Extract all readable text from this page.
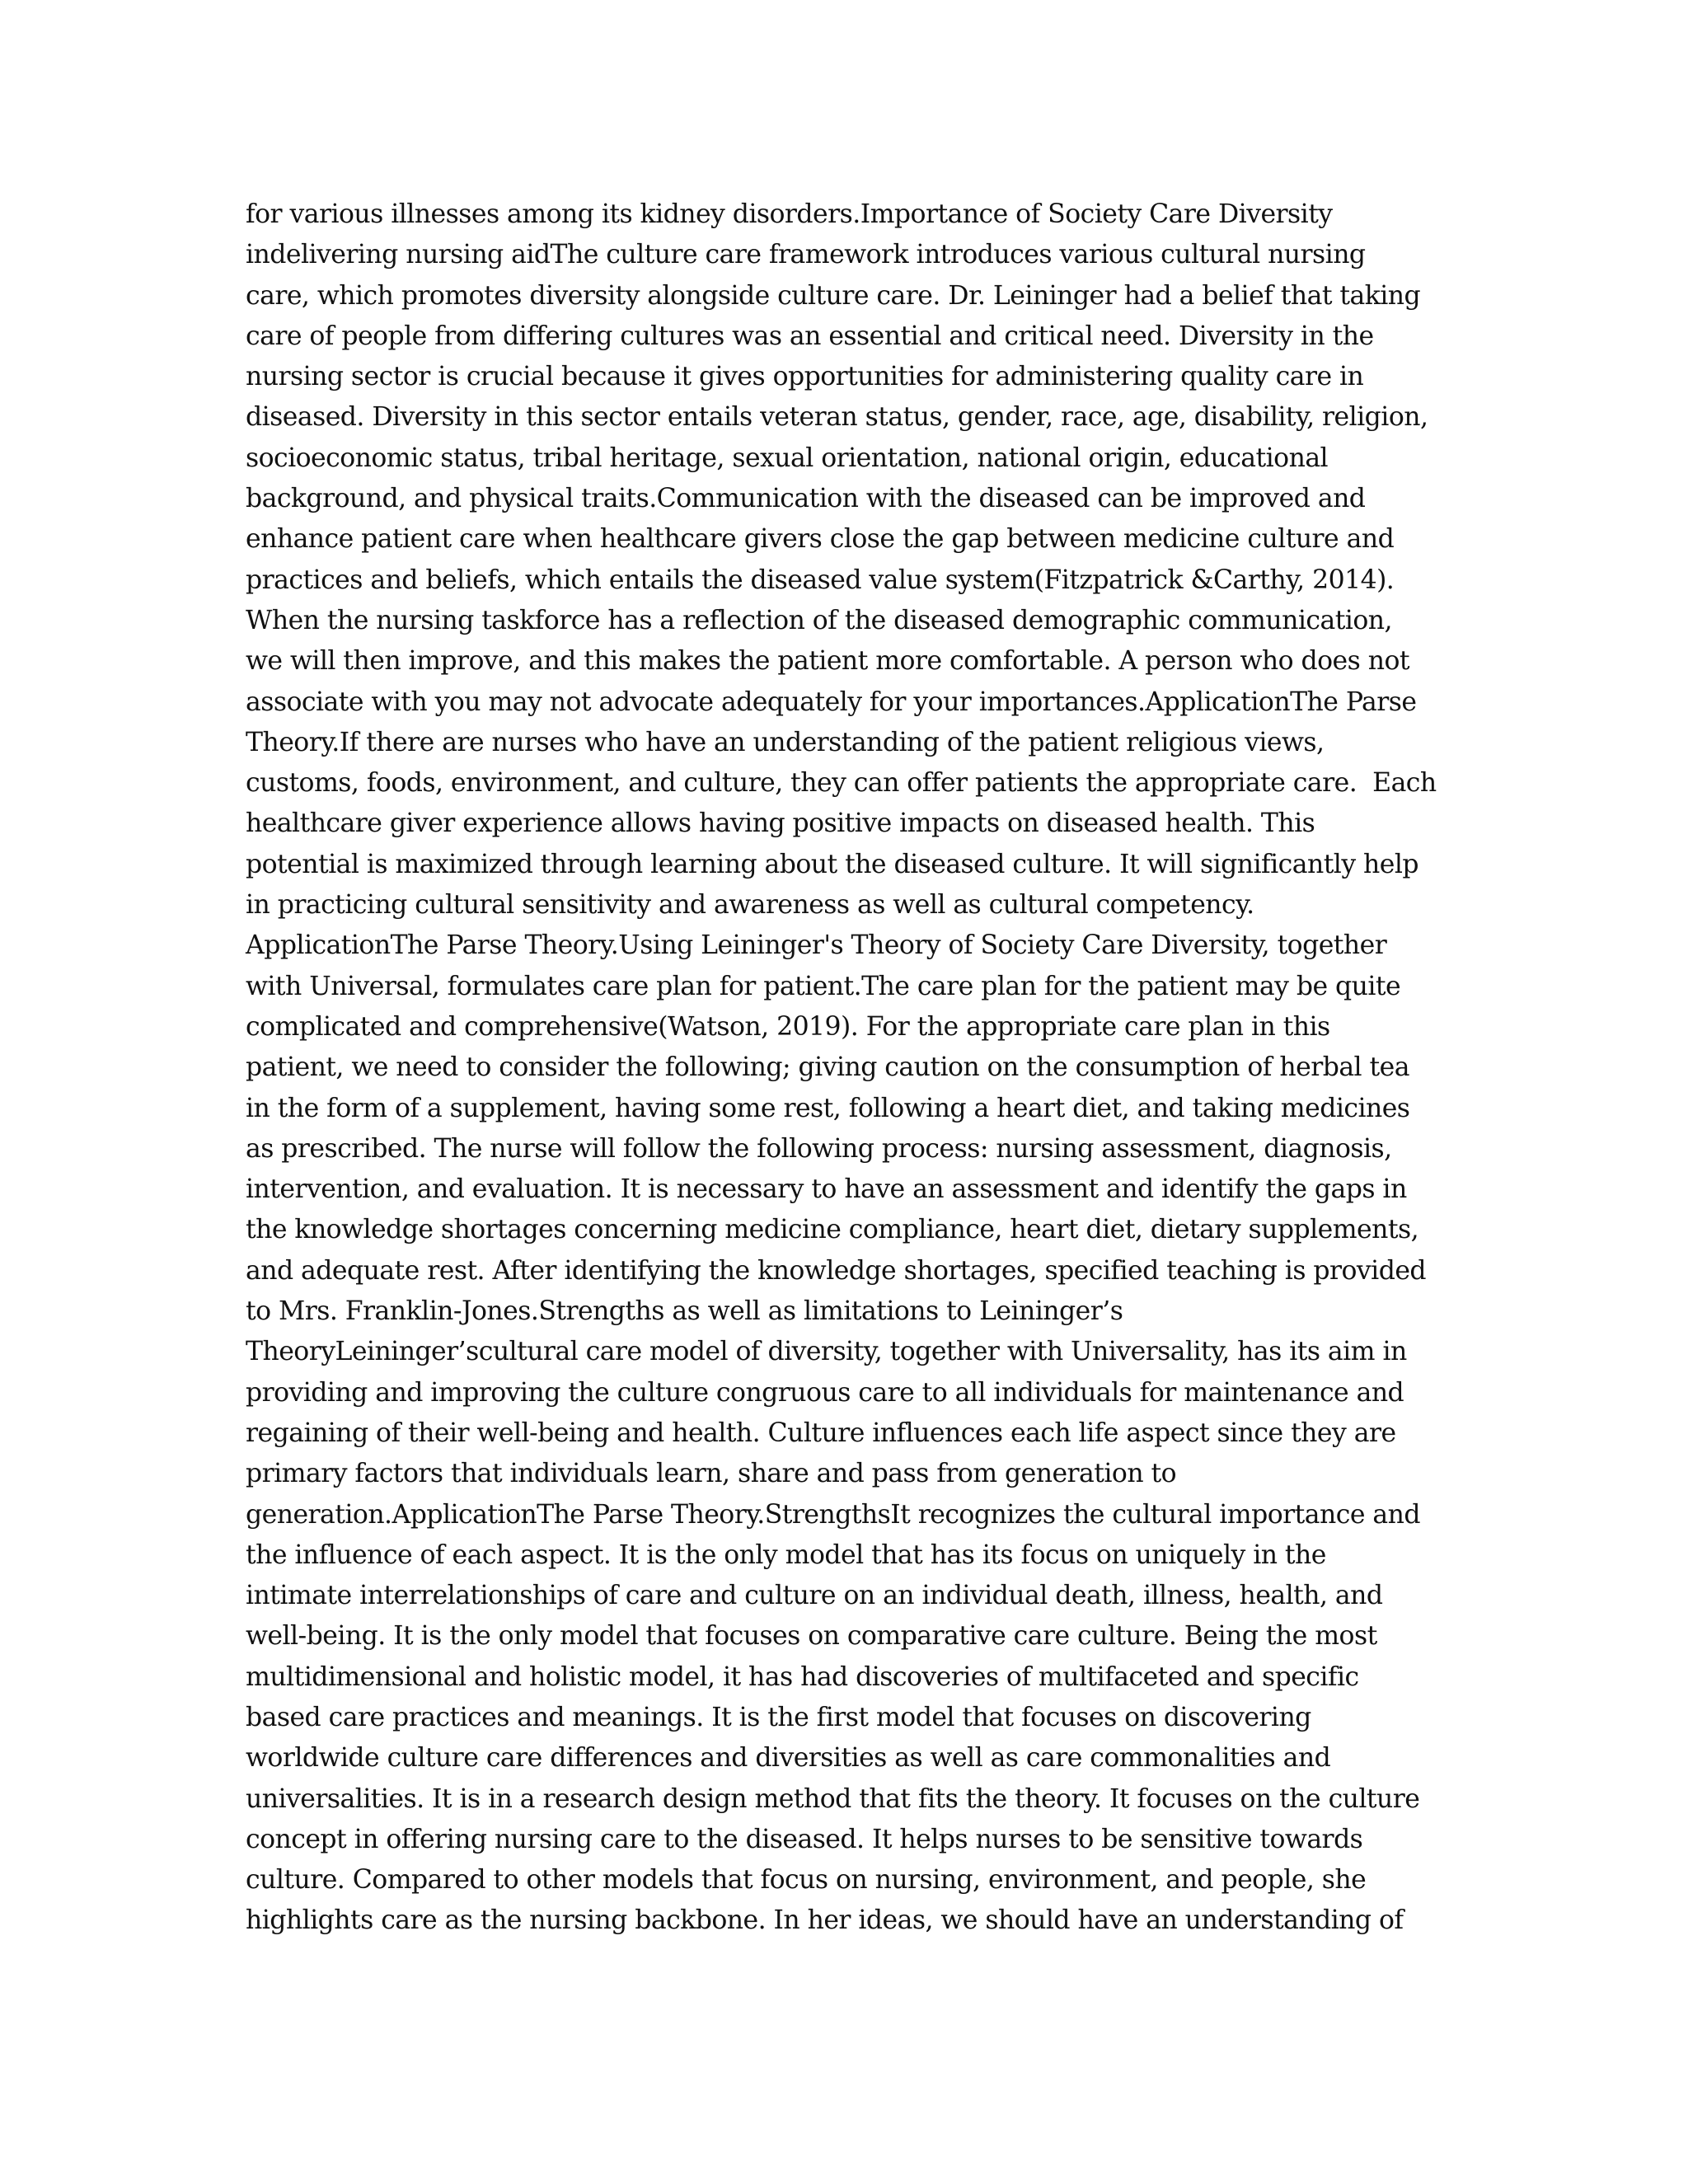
for various illnesses among its kidney disorders.Importance of Society Care Diversity
indelivering nursing aidThe culture care framework introduces various cultural nursing
care, which promotes diversity alongside culture care. Dr. Leininger had a belief that taking
care of people from differing cultures was an essential and critical need. Diversity in the
nursing sector is crucial because it gives opportunities for administering quality care in
diseased. Diversity in this sector entails veteran status, gender, race, age, disability, religion,
socioeconomic status, tribal heritage, sexual orientation, national origin, educational
background, and physical traits.Communication with the diseased can be improved and
enhance patient care when healthcare givers close the gap between medicine culture and
practices and beliefs, which entails the diseased value system(Fitzpatrick &Carthy, 2014).
When the nursing taskforce has a reflection of the diseased demographic communication,
we will then improve, and this makes the patient more comfortable. A person who does not
associate with you may not advocate adequately for your importances.ApplicationThe Parse
Theory.If there are nurses who have an understanding of the patient religious views,
customs, foods, environment, and culture, they can offer patients the appropriate care.  Each
healthcare giver experience allows having positive impacts on diseased health. This
potential is maximized through learning about the diseased culture. It will significantly help
in practicing cultural sensitivity and awareness as well as cultural competency.
ApplicationThe Parse Theory.Using Leininger's Theory of Society Care Diversity, together
with Universal, formulates care plan for patient.The care plan for the patient may be quite
complicated and comprehensive(Watson, 2019). For the appropriate care plan in this
patient, we need to consider the following; giving caution on the consumption of herbal tea
in the form of a supplement, having some rest, following a heart diet, and taking medicines
as prescribed. The nurse will follow the following process: nursing assessment, diagnosis,
intervention, and evaluation. It is necessary to have an assessment and identify the gaps in
the knowledge shortages concerning medicine compliance, heart diet, dietary supplements,
and adequate rest. After identifying the knowledge shortages, specified teaching is provided
to Mrs. Franklin-Jones.Strengths as well as limitations to Leininger’s
TheoryLeininger’scultural care model of diversity, together with Universality, has its aim in
providing and improving the culture congruous care to all individuals for maintenance and
regaining of their well-being and health. Culture influences each life aspect since they are
primary factors that individuals learn, share and pass from generation to
generation.ApplicationThe Parse Theory.StrengthsIt recognizes the cultural importance and
the influence of each aspect. It is the only model that has its focus on uniquely in the
intimate interrelationships of care and culture on an individual death, illness, health, and
well-being. It is the only model that focuses on comparative care culture. Being the most
multidimensional and holistic model, it has had discoveries of multifaceted and specific
based care practices and meanings. It is the first model that focuses on discovering
worldwide culture care differences and diversities as well as care commonalities and
universalities. It is in a research design method that fits the theory. It focuses on the culture
concept in offering nursing care to the diseased. It helps nurses to be sensitive towards
culture. Compared to other models that focus on nursing, environment, and people, she
highlights care as the nursing backbone. In her ideas, we should have an understanding of
